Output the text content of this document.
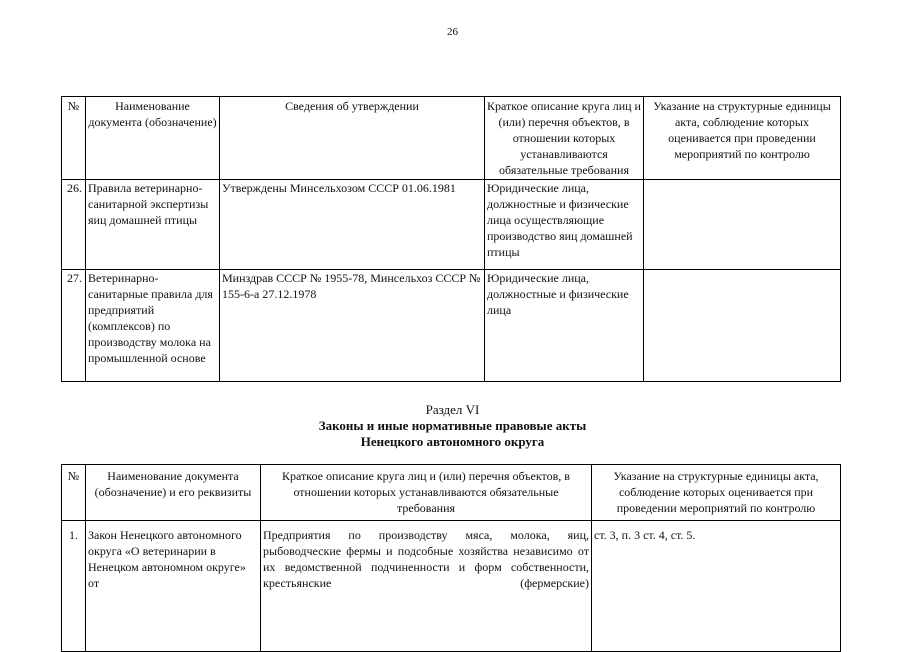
26
№	Наименование документа (обозначение)	Сведения об утверждении	Краткое описание круга лиц и (или) перечня объектов, в отношении которых устанавливаются обязательные требования	Указание на структурные единицы акта, соблюдение которых оценивается при проведении мероприятий по контролю
26.	Правила ветеринарно-санитарной экспертизы яиц домашней птицы	Утверждены Минсельхозом СССР 01.06.1981	Юридические лица, должностные и физические лица осуществляющие производство яиц домашней птицы	
27.	Ветеринарно-санитарные правила для предприятий (комплексов) по производству молока на промышленной основе	Минздрав СССР № 1955-78, Минсельхоз СССР № 155-6-а 27.12.1978	Юридические лица, должностные и физические лица	
Раздел VI
Законы и иные нормативные правовые акты
Ненецкого автономного округа
№	Наименование документа (обозначение) и его реквизиты	Краткое описание круга лиц и (или) перечня объектов, в отношении которых устанавливаются обязательные требования	Указание на структурные единицы акта, соблюдение которых оценивается при проведении мероприятий по контролю
1.	Закон Ненецкого автономного округа «О ветеринарии в Ненецком автономном округе» от	Предприятия по производству мяса, молока, яиц, рыбоводческие фермы и подсобные хозяйства независимо от их ведомственной подчиненности и форм собственности, крестьянские (фермерские)	ст. 3, п. 3 ст. 4, ст. 5.
